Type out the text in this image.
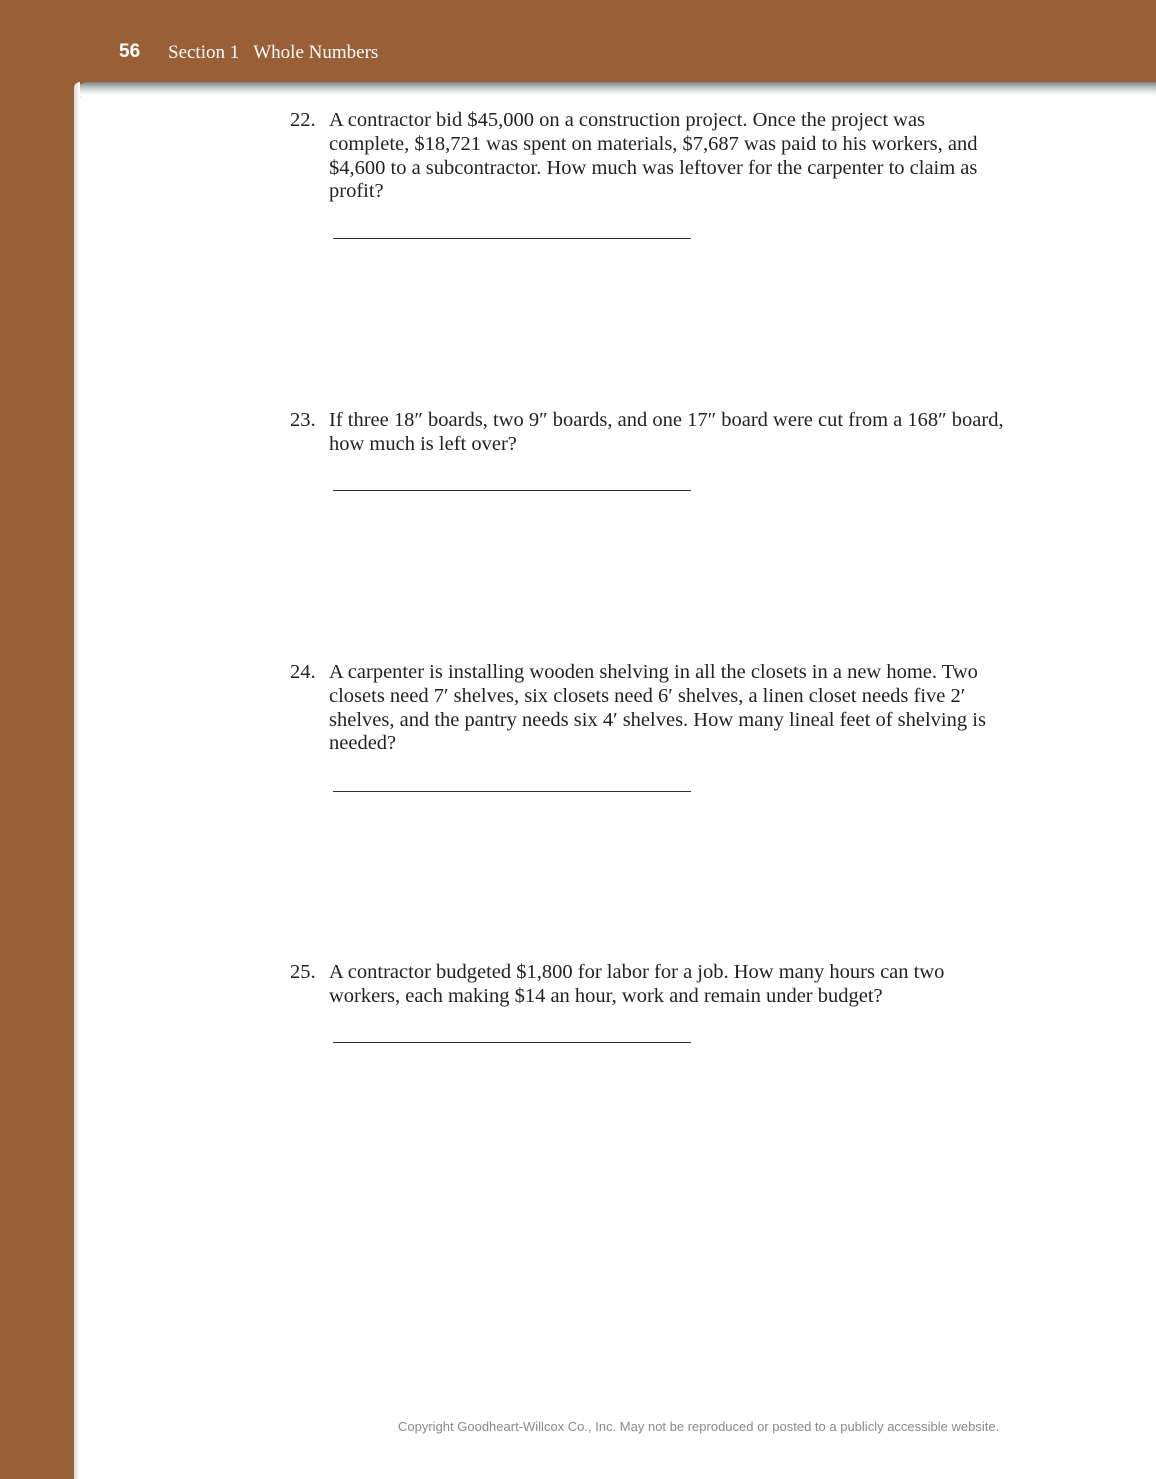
56 Section 1 Whole Numbers
22. A contractor bid $45,000 on a construction project. Once the project was complete, $18,721 was spent on materials, $7,687 was paid to his workers, and $4,600 to a subcontractor. How much was leftover for the carpenter to claim as profit?
23. If three 18″ boards, two 9″ boards, and one 17″ board were cut from a 168″ board, how much is left over?
24. A carpenter is installing wooden shelving in all the closets in a new home. Two closets need 7′ shelves, six closets need 6′ shelves, a linen closet needs five 2′ shelves, and the pantry needs six 4′ shelves. How many lineal feet of shelving is needed?
25. A contractor budgeted $1,800 for labor for a job. How many hours can two workers, each making $14 an hour, work and remain under budget?
Copyright Goodheart-Willcox Co., Inc. May not be reproduced or posted to a publicly accessible website.
